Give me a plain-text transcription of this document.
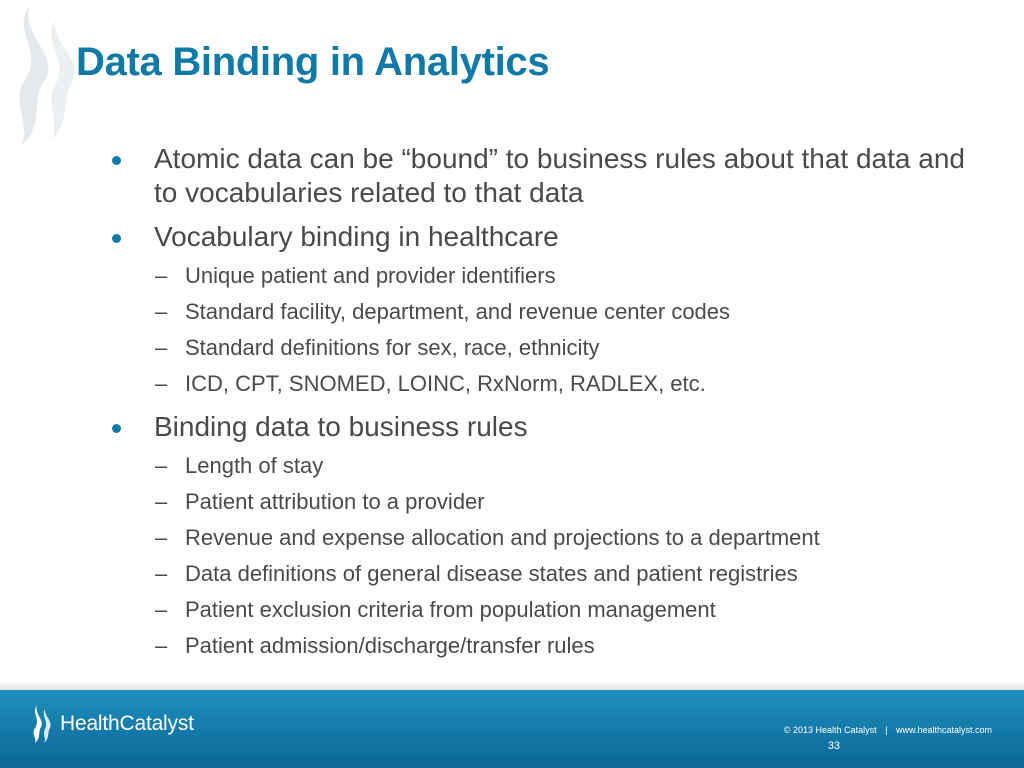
Data Binding in Analytics
Atomic data can be “bound” to business rules about that data and to vocabularies related to that data
Vocabulary binding in healthcare
– Unique patient and provider identifiers
– Standard facility, department, and revenue center codes
– Standard definitions for sex, race, ethnicity
– ICD, CPT, SNOMED, LOINC, RxNorm, RADLEX, etc.
Binding data to business rules
– Length of stay
– Patient attribution to a provider
– Revenue and expense allocation and projections to a department
– Data definitions of general disease states and patient registries
– Patient exclusion criteria from population management
– Patient admission/discharge/transfer rules
HealthCatalyst	© 2013 Health Catalyst | www.healthcatalyst.com
33
